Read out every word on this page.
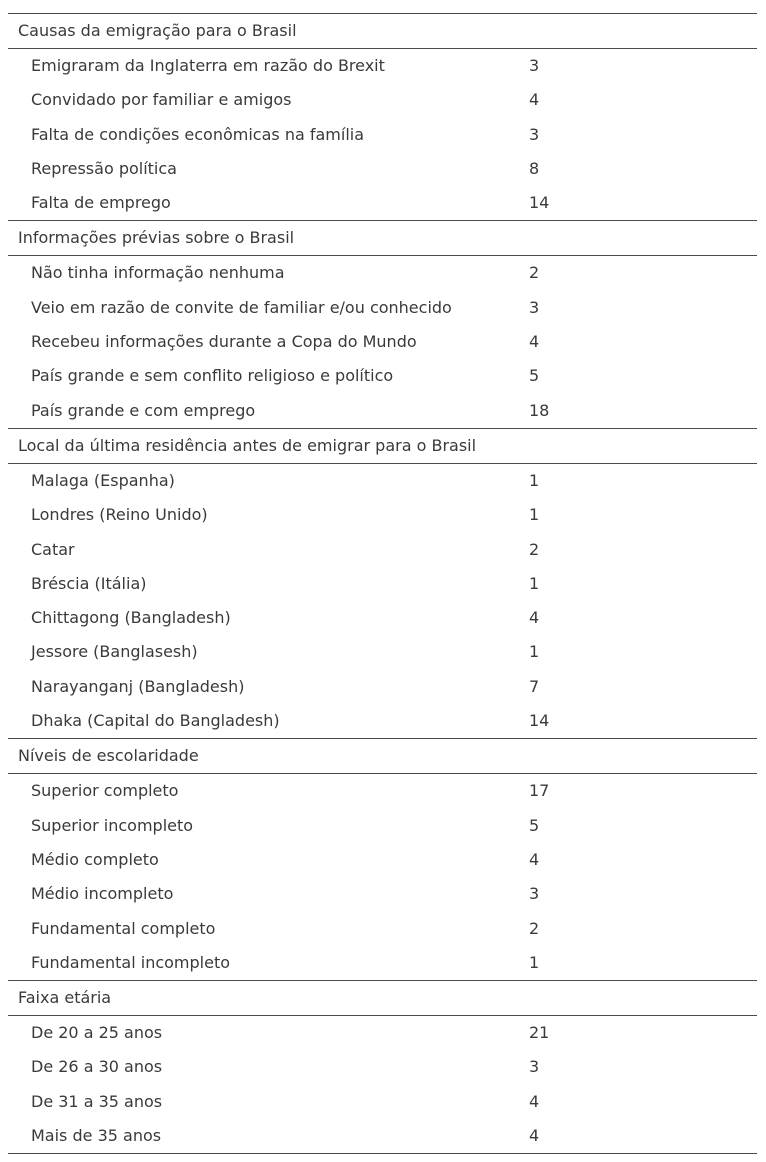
Causas da emigração para o Brasil
Emigraram da Inglaterra em razão do Brexit	3
Convidado por familiar e amigos	4
Falta de condições econômicas na família	3
Repressão política	8
Falta de emprego	14
Informações prévias sobre o Brasil
Não tinha informação nenhuma	2
Veio em razão de convite de familiar e/ou conhecido	3
Recebeu informações durante a Copa do Mundo	4
País grande e sem conflito religioso e político	5
País grande e com emprego	18
Local da última residência antes de emigrar para o Brasil
Malaga (Espanha)	1
Londres (Reino Unido)	1
Catar	2
Bréscia (Itália)	1
Chittagong (Bangladesh)	4
Jessore (Banglasesh)	1
Narayanganj (Bangladesh)	7
Dhaka (Capital do Bangladesh)	14
Níveis de escolaridade
Superior completo	17
Superior incompleto	5
Médio completo	4
Médio incompleto	3
Fundamental completo	2
Fundamental incompleto	1
Faixa etária
De 20 a 25 anos	21
De 26 a 30 anos	3
De 31 a 35 anos	4
Mais de 35 anos	4
